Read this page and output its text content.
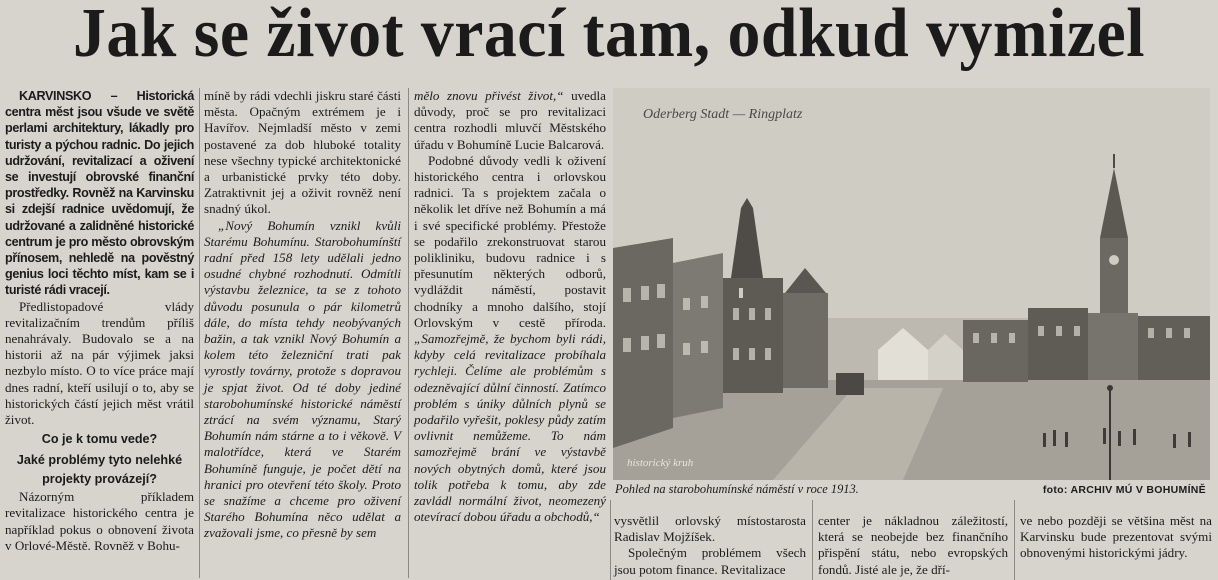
Jak se život vrací tam, odkud vymizel

KARVINSKO – Historická centra měst jsou všude ve světě perlami architektury, lákadly pro turisty a pýchou radnic. Do jejich udržování, revitalizací a oživení se investují obrovské finanční prostředky. Rovněž na Karvinsku si zdejší radnice uvědomují, že udržované a zalidněné historické centrum je pro město obrovským přínosem, nehledě na pověstný genius loci těchto míst, kam se i turisté rádi vracejí.

Předlistopadové vlády revitalizačním trendům příliš nenahrávaly. Budovalo se a na historii až na pár výjimek jaksi nezbylo místo. O to více práce mají dnes radní, kteří usilují o to, aby se historických částí jejich měst vrátil život.

Co je k tomu vede?
Jaké problémy tyto nelehké projekty provázejí?

Názorným příkladem revitalizace historického centra je například pokus o obnovení života v Orlové-Městě. Rovněž v Bohu-

míně by rádi vdechli jiskru staré části města. Opačným extrémem je i Havířov. Nejmladší město v zemi postavené za dob hluboké totality nese všechny typické architektonické a urbanistické prvky této doby. Zatraktivnit jej a oživit rovněž není snadný úkol.

„Nový Bohumín vznikl kvůli Starému Bohumínu. Starobohumínští radní před 158 lety udělali jedno osudné chybné rozhodnutí. Odmítli výstavbu železnice, ta se z tohoto důvodu posunula o pár kilometrů dále, do místa tehdy neobývaných bažin, a tak vznikl Nový Bohumín a kolem této železniční trati pak vyrostly továrny, protože s dopravou je spjat život. Od té doby jediné starobohumínské historické náměstí ztrácí na svém významu, Starý Bohumín nám stárne a to i věkově. V malotřídce, která ve Starém Bohumíně funguje, je počet dětí na hranici pro otevření této školy. Proto se snažíme a chceme pro oživení Starého Bohumína něco udělat a zvažovali jsme, co přesně by sem

mělo znovu přivést život,“ uvedla důvody, proč se pro revitalizaci centra rozhodli mluvčí Městského úřadu v Bohumíně Lucie Balcarová.

Podobné důvody vedli k oživení historického centra i orlovskou radnici. Ta s projektem začala o několik let dříve než Bohumín a má i své specifické problémy. Přestože se podařilo zrekonstruovat starou polikliniku, budovu radnice i s přesunutím některých odborů, vydláždit náměstí, postavit chodníky a mnoho dalšího, stojí Orlovským v cestě příroda. „Samozřejmě, že bychom byli rádi, kdyby celá revitalizace probíhala rychleji. Čelíme ale problémům s odezněvající důlní činností. Zatímco problém s úniky důlních plynů se podařilo vyřešit, poklesy půdy zatím ovlivnit nemůžeme. To nám samozřejmě brání ve výstavbě nových obytných domů, které jsou tolik potřeba k tomu, aby zde zavládl normální život, neomezený otevírací dobou úřadu a obchodů,“

Oderberg Stadt — Ringplatz
historický kruh
Pohled na starobohumínské náměstí v roce 1913.	foto: ARCHIV MÚ V BOHUMÍNĚ

vysvětlil orlovský místostarosta Radislav Mojžíšek.

Společným problémem všech jsou potom finance. Revitalizace

center je nákladnou záležitostí, která se neobejde bez finančního přispění státu, nebo evropských fondů. Jisté ale je, že dří-

ve nebo později se většina měst na Karvinsku bude prezentovat svými obnovenými historickými jádry.
